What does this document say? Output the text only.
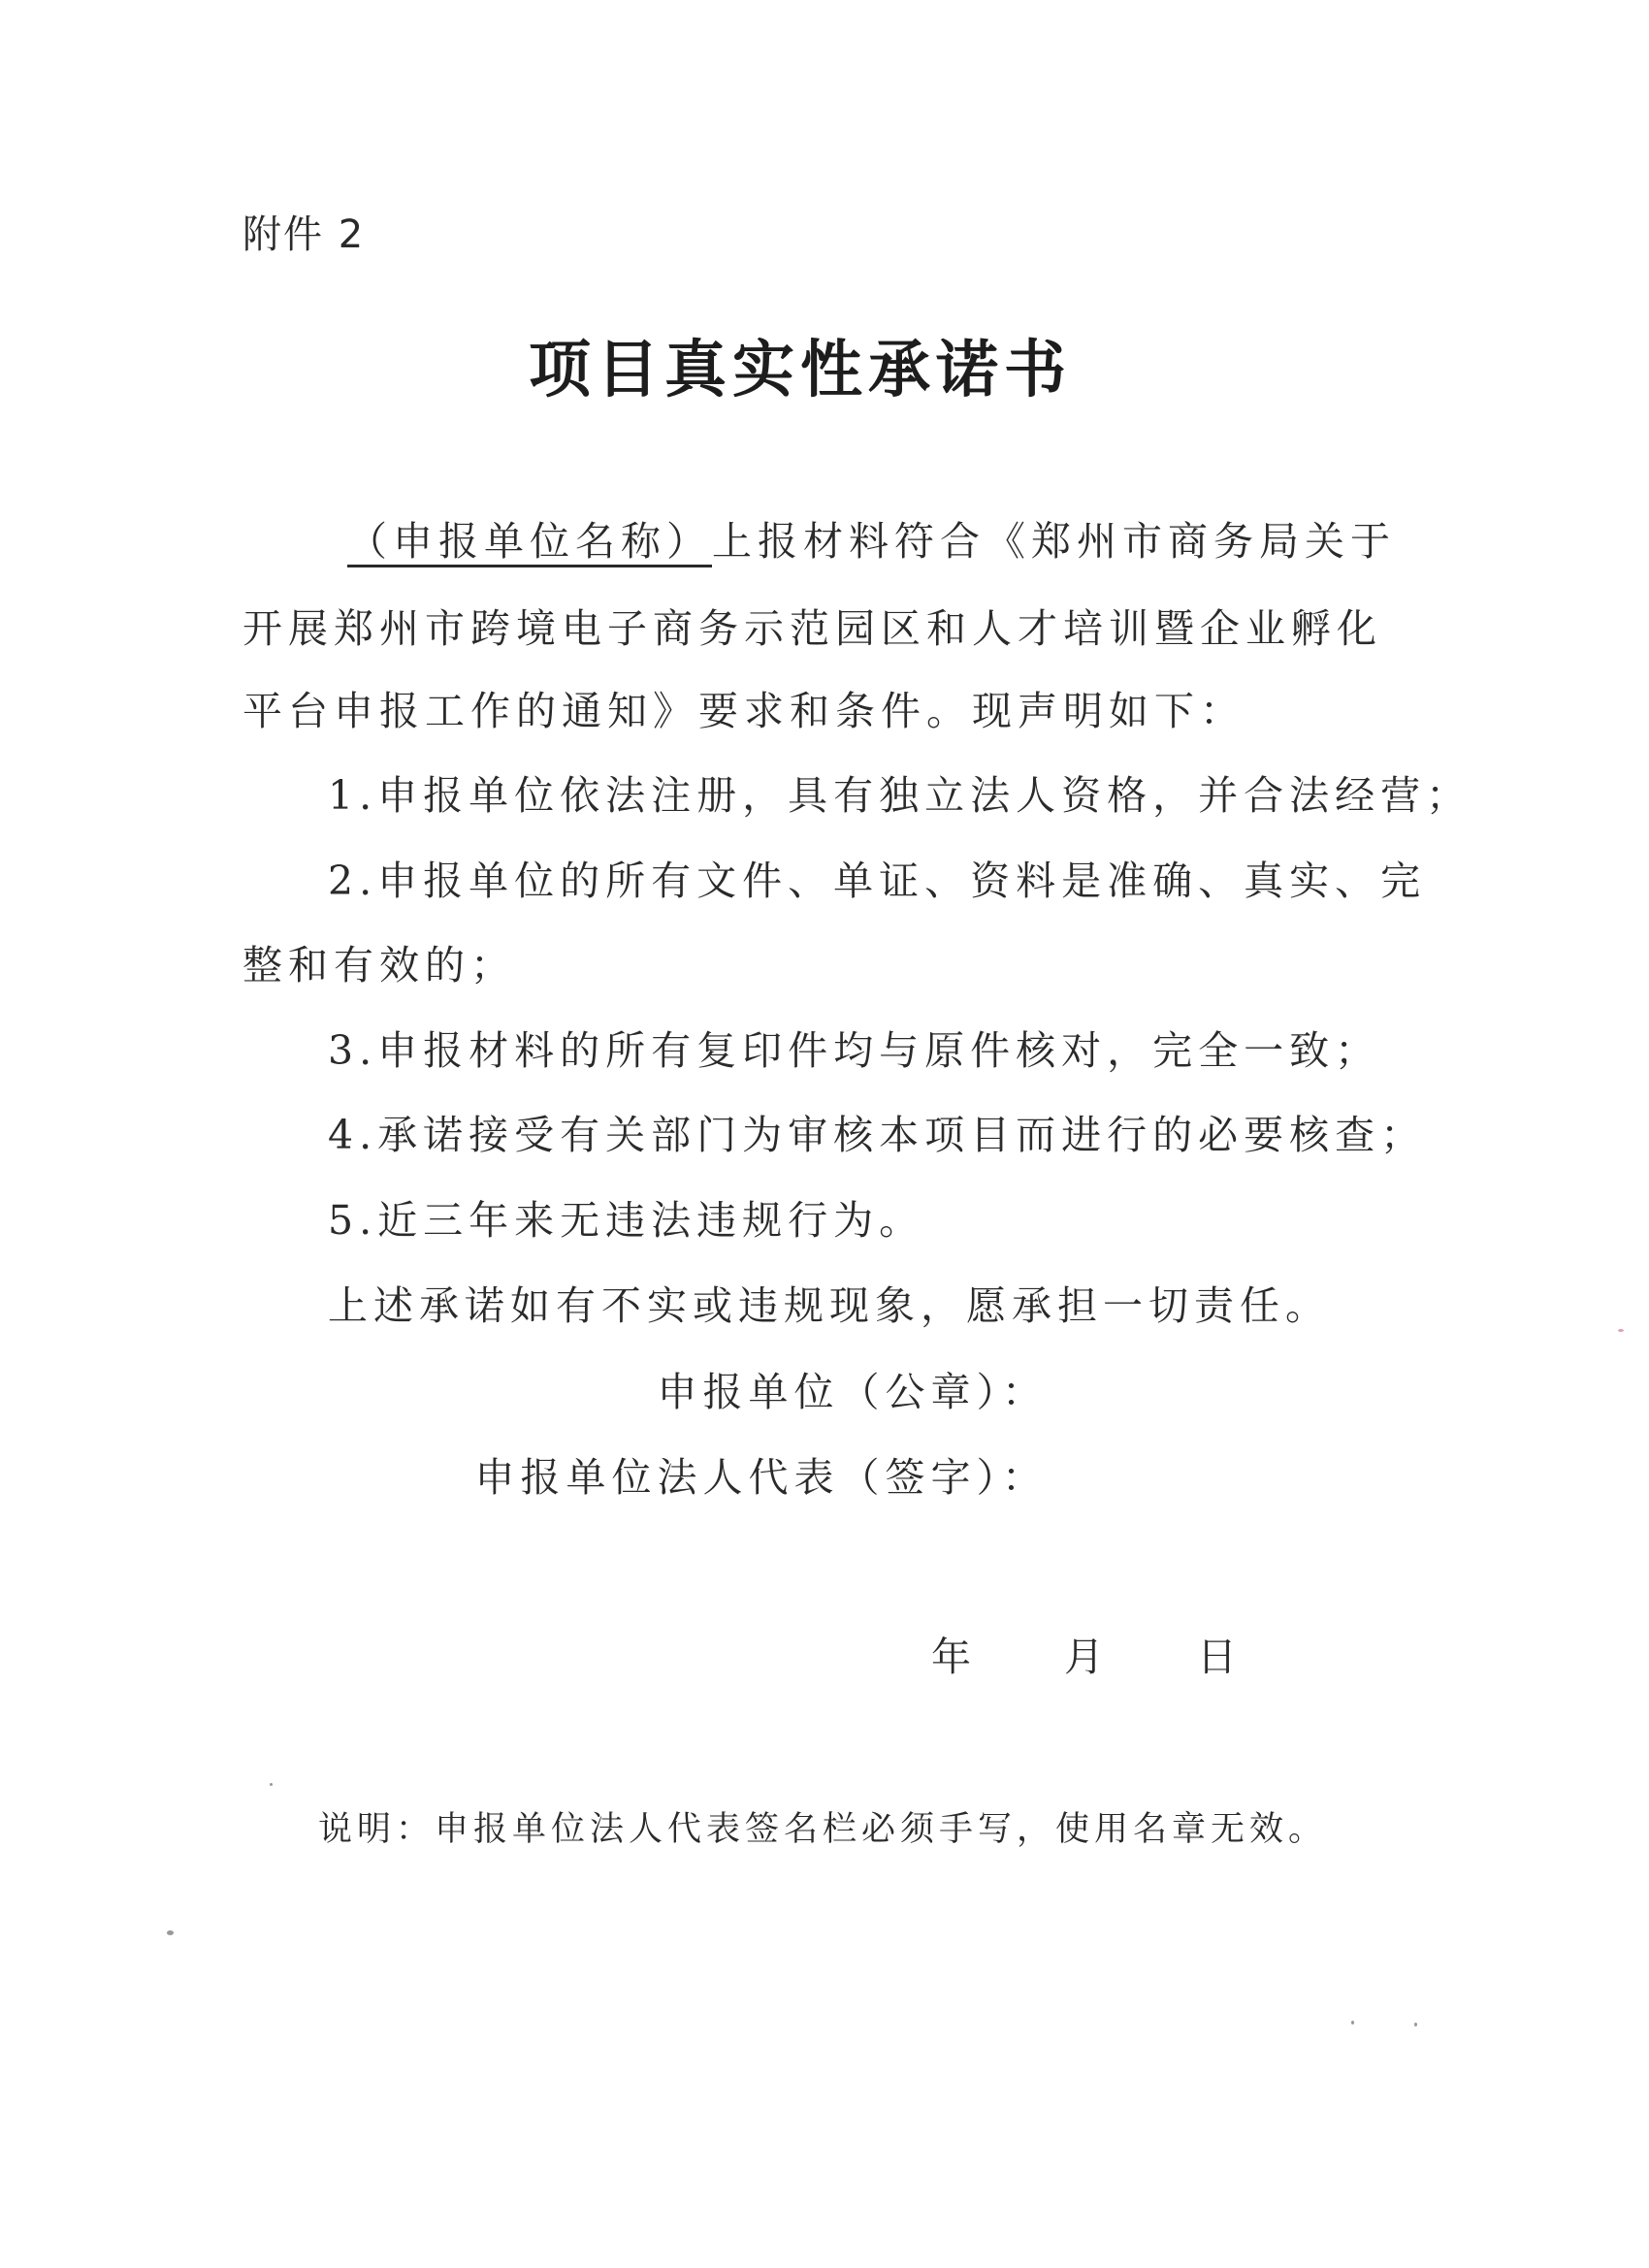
附件 2
项目真实性承诺书
（申报单位名称）上报材料符合《郑州市商务局关于
开展郑州市跨境电子商务示范园区和人才培训暨企业孵化
平台申报工作的通知》要求和条件。现声明如下：
1.申报单位依法注册，具有独立法人资格，并合法经营；
2.申报单位的所有文件、单证、资料是准确、真实、完
整和有效的；
3.申报材料的所有复印件均与原件核对，完全一致；
4.承诺接受有关部门为审核本项目而进行的必要核查；
5.近三年来无违法违规行为。
上述承诺如有不实或违规现象，愿承担一切责任。
申报单位（公章）：
申报单位法人代表（签字）：
年 月 日
说明：申报单位法人代表签名栏必须手写，使用名章无效。
